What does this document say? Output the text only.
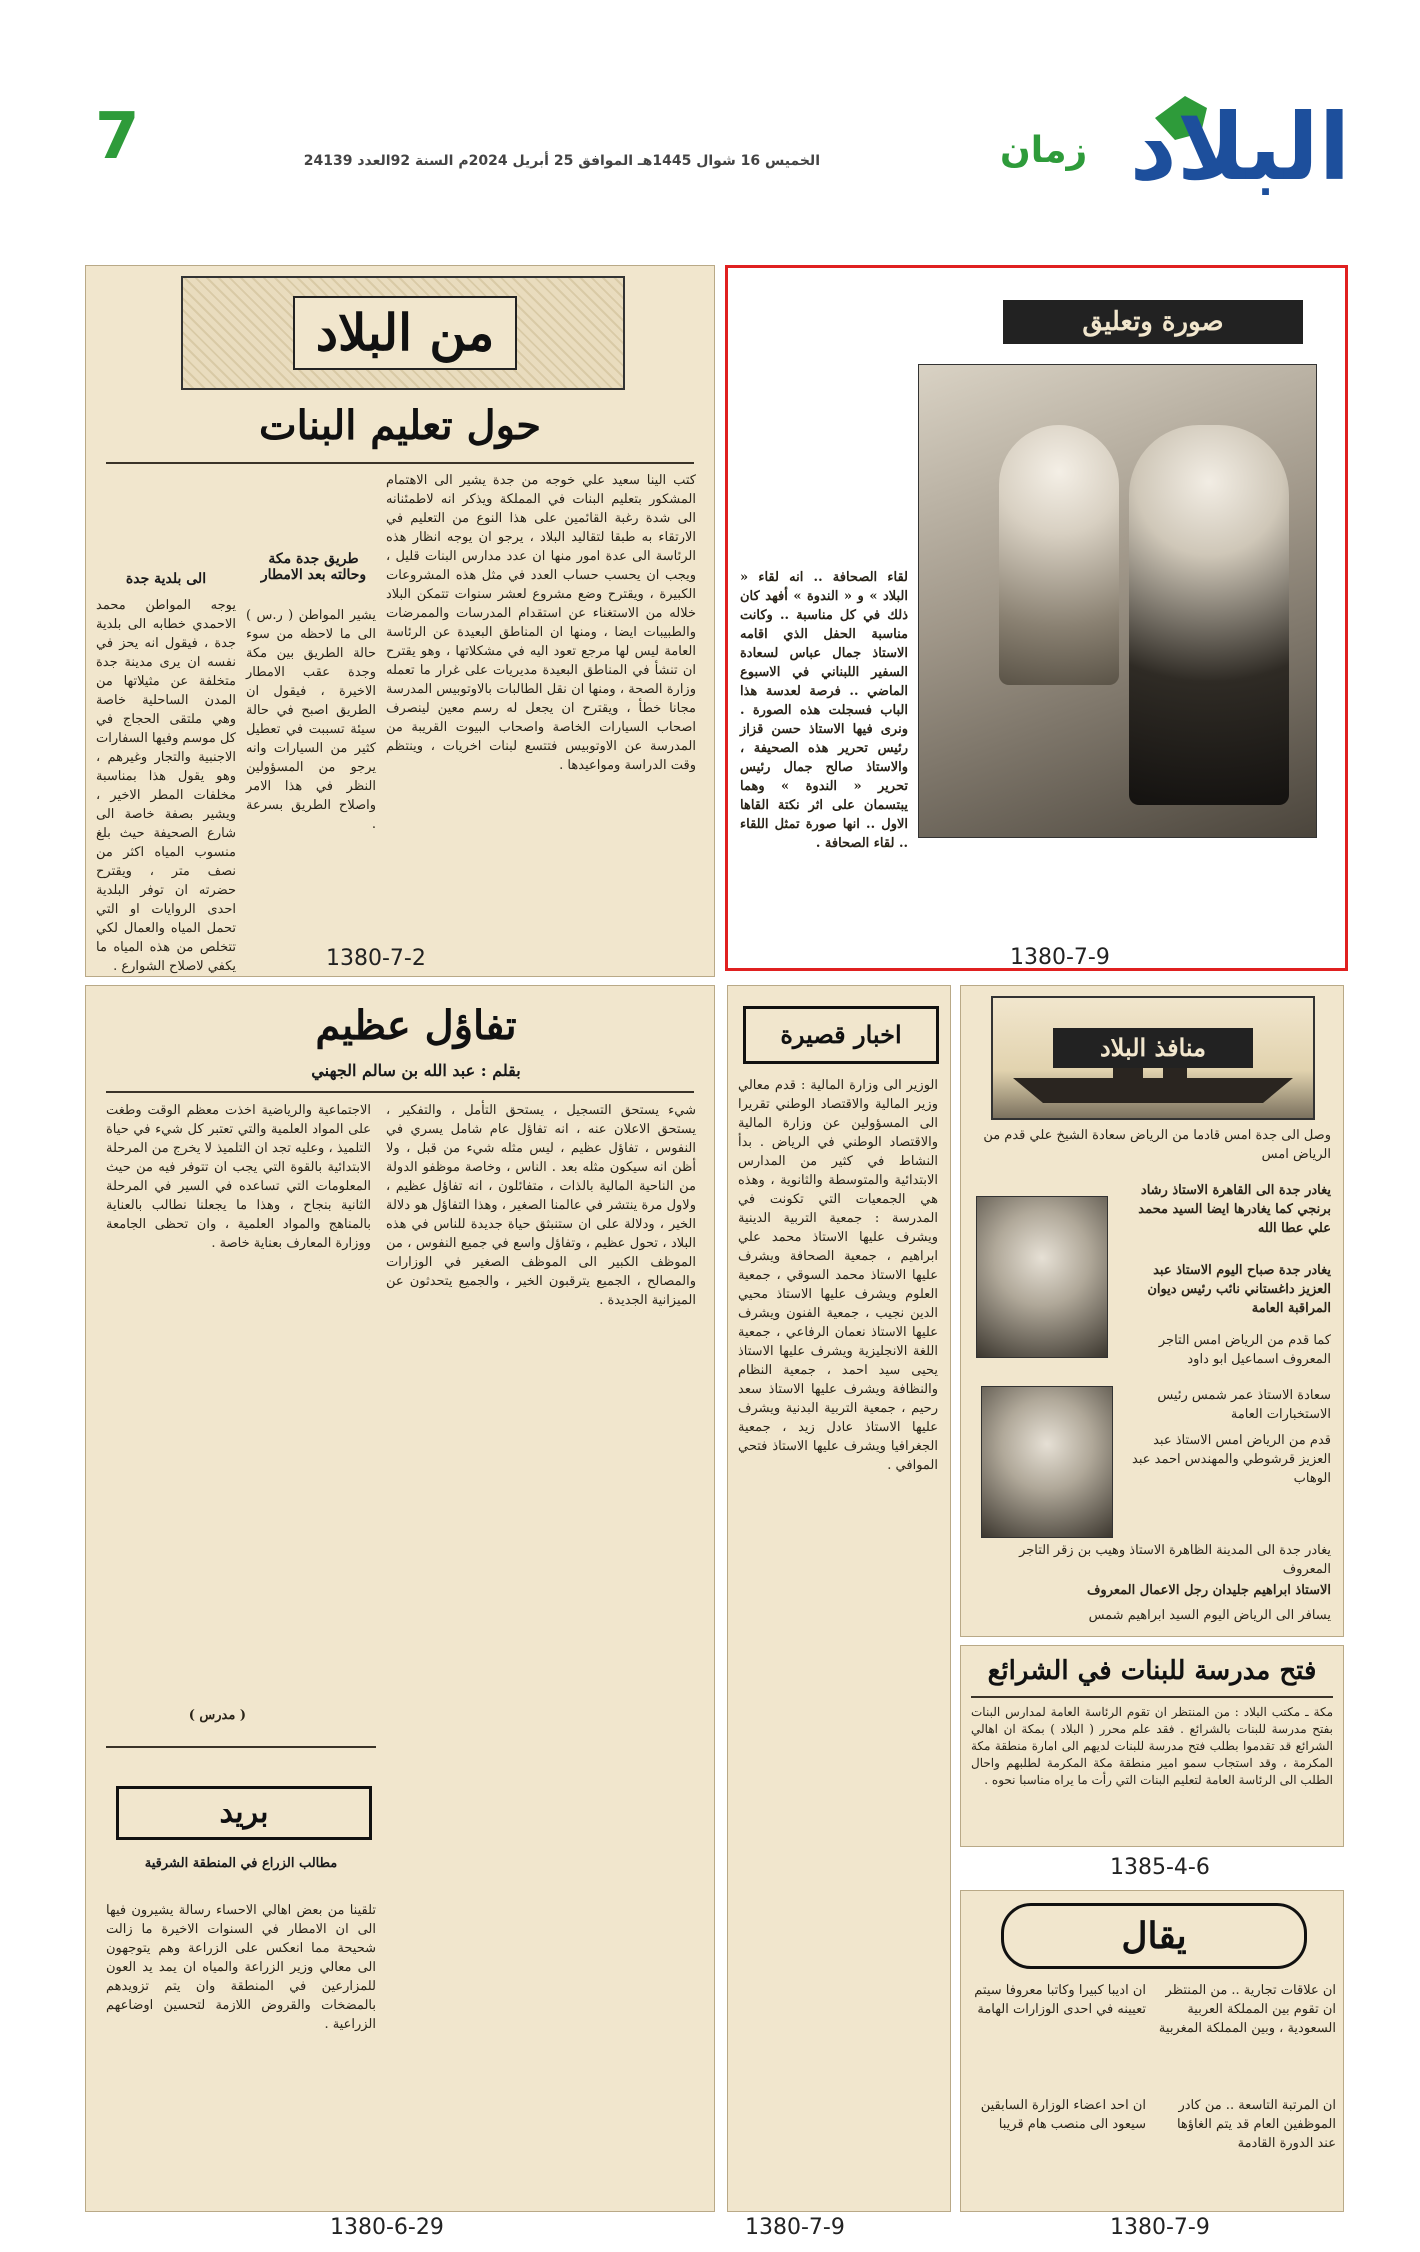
7	الخميس 16 شوال 1445هـ الموافق 25 أبريل 2024م السنة 92العدد 24139	زمان البلاد
من البلاد
حول تعليم البنات
كتب الينا سعيد علي خوجه من جدة يشير الى الاهتمام المشكور بتعليم البنات في المملكة ويذكر انه لاطمئنانه الى شدة رغبة القائمين على هذا النوع من التعليم في الارتقاء به طبقا لتقاليد البلاد ، يرجو ان يوجه انظار هذه الرئاسة الى عدة امور منها ان عدد مدارس البنات قليل ، ويجب ان يحسب حساب العدد في مثل هذه المشروعات الكبيرة ، ويقترح وضع مشروع لعشر سنوات تتمكن البلاد خلاله من الاستغناء عن استقدام المدرسات والممرضات والطبيبات ايضا ، ومنها ان المناطق البعيدة عن الرئاسة العامة ليس لها مرجع تعود اليه في مشكلاتها ، وهو يقترح ان تنشأ في المناطق البعيدة مديريات على غرار ما تعمله وزارة الصحة ، ومنها ان نقل الطالبات بالاوتوبيس المدرسة مجانا خطأ ، ويقترح ان يجعل له رسم معين لينصرف اصحاب السيارات الخاصة واصحاب البيوت القريبة من المدرسة عن الاوتوبيس فتتسع لبنات اخريات ، وينتظم وقت الدراسة ومواعيدها .
طريق جدة مكة وحالته بعد الامطار
يشير المواطن ( ر.س ) الى ما لاحظه من سوء حالة الطريق بين مكة وجدة عقب الامطار الاخيرة ، فيقول ان الطريق اصبح في حالة سيئة تسببت في تعطيل كثير من السيارات وانه يرجو من المسؤولين النظر في هذا الامر واصلاح الطريق بسرعة .
الى بلدية جدة
يوجه المواطن محمد الاحمدي خطابه الى بلدية جدة ، فيقول انه يحز في نفسه ان يرى مدينة جدة متخلفة عن مثيلاتها من المدن الساحلية خاصة وهي ملتقى الحجاج في كل موسم وفيها السفارات الاجنبية والتجار وغيرهم ، وهو يقول هذا بمناسبة مخلفات المطر الاخير ، ويشير بصفة خاصة الى شارع الصحيفة حيث بلغ منسوب المياه اكثر من نصف متر ، ويقترح حضرته ان توفر البلدية احدى الروايات او التي تحمل المياه والعمال لكي تتخلص من هذه المياه ما يكفي لاصلاح الشوارع .	1380-7-2
صورة وتعليق
لقاء الصحافة .. انه لقاء « البلاد » و « الندوة » أفهد كان ذلك في كل مناسبة .. وكانت مناسبة الحفل الذي اقامه الاستاذ جمال عباس لسعادة السفير اللبناني في الاسبوع الماضي .. فرصة لعدسة هذا الباب فسجلت هذه الصورة . ونرى فيها الاستاذ حسن قزاز رئيس تحرير هذه الصحيفة ، والاستاذ صالح جمال رئيس تحرير « الندوة » وهما يبتسمان على اثر نكتة القاها الاول .. انها صورة تمثل اللقاء .. لقاء الصحافة .
1380-7-9
تفاؤل عظيم
بقلم : عبد الله بن سالم الجهني
شيء يستحق التسجيل ، يستحق التأمل ، والتفكير ، يستحق الاعلان عنه ، انه تفاؤل عام شامل يسري في النفوس ، تفاؤل عظيم ، ليس مثله شيء من قبل ، ولا أظن انه سيكون مثله بعد . الناس ، وخاصة موظفو الدولة من الناحية المالية بالذات ، متفائلون ، انه تفاؤل عظيم ، ولاول مرة ينتشر في عالمنا الصغير ، وهذا التفاؤل هو دلالة الخير ، ودلالة على ان ستنبثق حياة جديدة للناس في هذه البلاد ، تحول عظيم ، وتفاؤل واسع في جميع النفوس ، من الموظف الكبير الى الموظف الصغير في الوزارات والمصالح ، الجميع يترقبون الخير ، والجميع يتحدثون عن الميزانية الجديدة .
الاجتماعية والرياضية اخذت معظم الوقت وطغت على المواد العلمية والتي تعتبر كل شيء في حياة التلميذ ، وعليه تجد ان التلميذ لا يخرج من المرحلة الابتدائية بالقوة التي يجب ان تتوفر فيه من حيث المعلومات التي تساعده في السير في المرحلة الثانية بنجاح ، وهذا ما يجعلنا نطالب بالعناية بالمناهج والمواد العلمية ، وان تحظى الجامعة ووزارة المعارف بعناية خاصة .
( مدرس )
بريد
مطالب الزراع في المنطقة الشرقية
تلقينا من بعض اهالي الاحساء رسالة يشيرون فيها الى ان الامطار في السنوات الاخيرة ما زالت شحيحة مما انعكس على الزراعة وهم يتوجهون الى معالي وزير الزراعة والمياه ان يمد يد العون للمزارعين في المنطقة وان يتم تزويدهم بالمضخات والقروض اللازمة لتحسين اوضاعهم الزراعية .
1380-6-29
اخبار قصيرة
الوزير الى وزارة المالية : قدم معالي وزير المالية والاقتصاد الوطني تقريرا الى المسؤولين عن وزارة المالية والاقتصاد الوطني في الرياض . بدأ النشاط في كثير من المدارس الابتدائية والمتوسطة والثانوية ، وهذه هي الجمعيات التي تكونت في المدرسة : جمعية التربية الدينية ويشرف عليها الاستاذ محمد علي ابراهيم ، جمعية الصحافة ويشرف عليها الاستاذ محمد السوقي ، جمعية العلوم ويشرف عليها الاستاذ محيي الدين نجيب ، جمعية الفنون ويشرف عليها الاستاذ نعمان الرفاعي ، جمعية اللغة الانجليزية ويشرف عليها الاستاذ يحيى سيد احمد ، جمعية النظام والنظافة ويشرف عليها الاستاذ سعد رحيم ، جمعية التربية البدنية ويشرف عليها الاستاذ عادل زيد ، جمعية الجغرافيا ويشرف عليها الاستاذ فتحي الموافي .
1380-7-9
منافذ البلاد
وصل الى جدة امس قادما من الرياض سعادة الشيخ علي قدم من الرياض امس
يغادر جدة الى القاهرة الاستاذ رشاد برنجي كما يغادرها ايضا السيد محمد علي عطا الله
يغادر جدة صباح اليوم الاستاذ عبد العزيز داغستاني نائب رئيس ديوان المراقبة العامة
كما قدم من الرياض امس التاجر المعروف اسماعيل ابو داود
سعادة الاستاذ عمر شمس رئيس الاستخبارات العامة
قدم من الرياض امس الاستاذ عبد العزيز قرشوطي والمهندس احمد عبد الوهاب
يغادر جدة الى المدينة الظاهرة الاستاذ وهيب بن زقر التاجر المعروف
الاستاذ ابراهيم جليدان رجل الاعمال المعروف
يسافر الى الرياض اليوم السيد ابراهيم شمس
فتح مدرسة للبنات في الشرائع
مكة ـ مكتب البلاد : من المنتظر ان تقوم الرئاسة العامة لمدارس البنات بفتح مدرسة للبنات بالشرائع . فقد علم محرر ( البلاد ) بمكة ان اهالي الشرائع قد تقدموا بطلب فتح مدرسة للبنات لديهم الى امارة منطقة مكة المكرمة ، وقد استجاب سمو امير منطقة مكة المكرمة لطلبهم واحال الطلب الى الرئاسة العامة لتعليم البنات التي رأت ما يراه مناسبا نحوه .
1385-4-6
يقال
ان علاقات تجارية .. من المنتظر ان تقوم بين المملكة العربية السعودية ، وبين المملكة المغربية
ان اديبا كبيرا وكاتبا معروفا سيتم تعيينه في احدى الوزارات الهامة
ان المرتبة التاسعة .. من كادر الموظفين العام قد يتم الغاؤها عند الدورة القادمة
ان احد اعضاء الوزارة السابقين سيعود الى منصب هام قريبا
1380-7-9
